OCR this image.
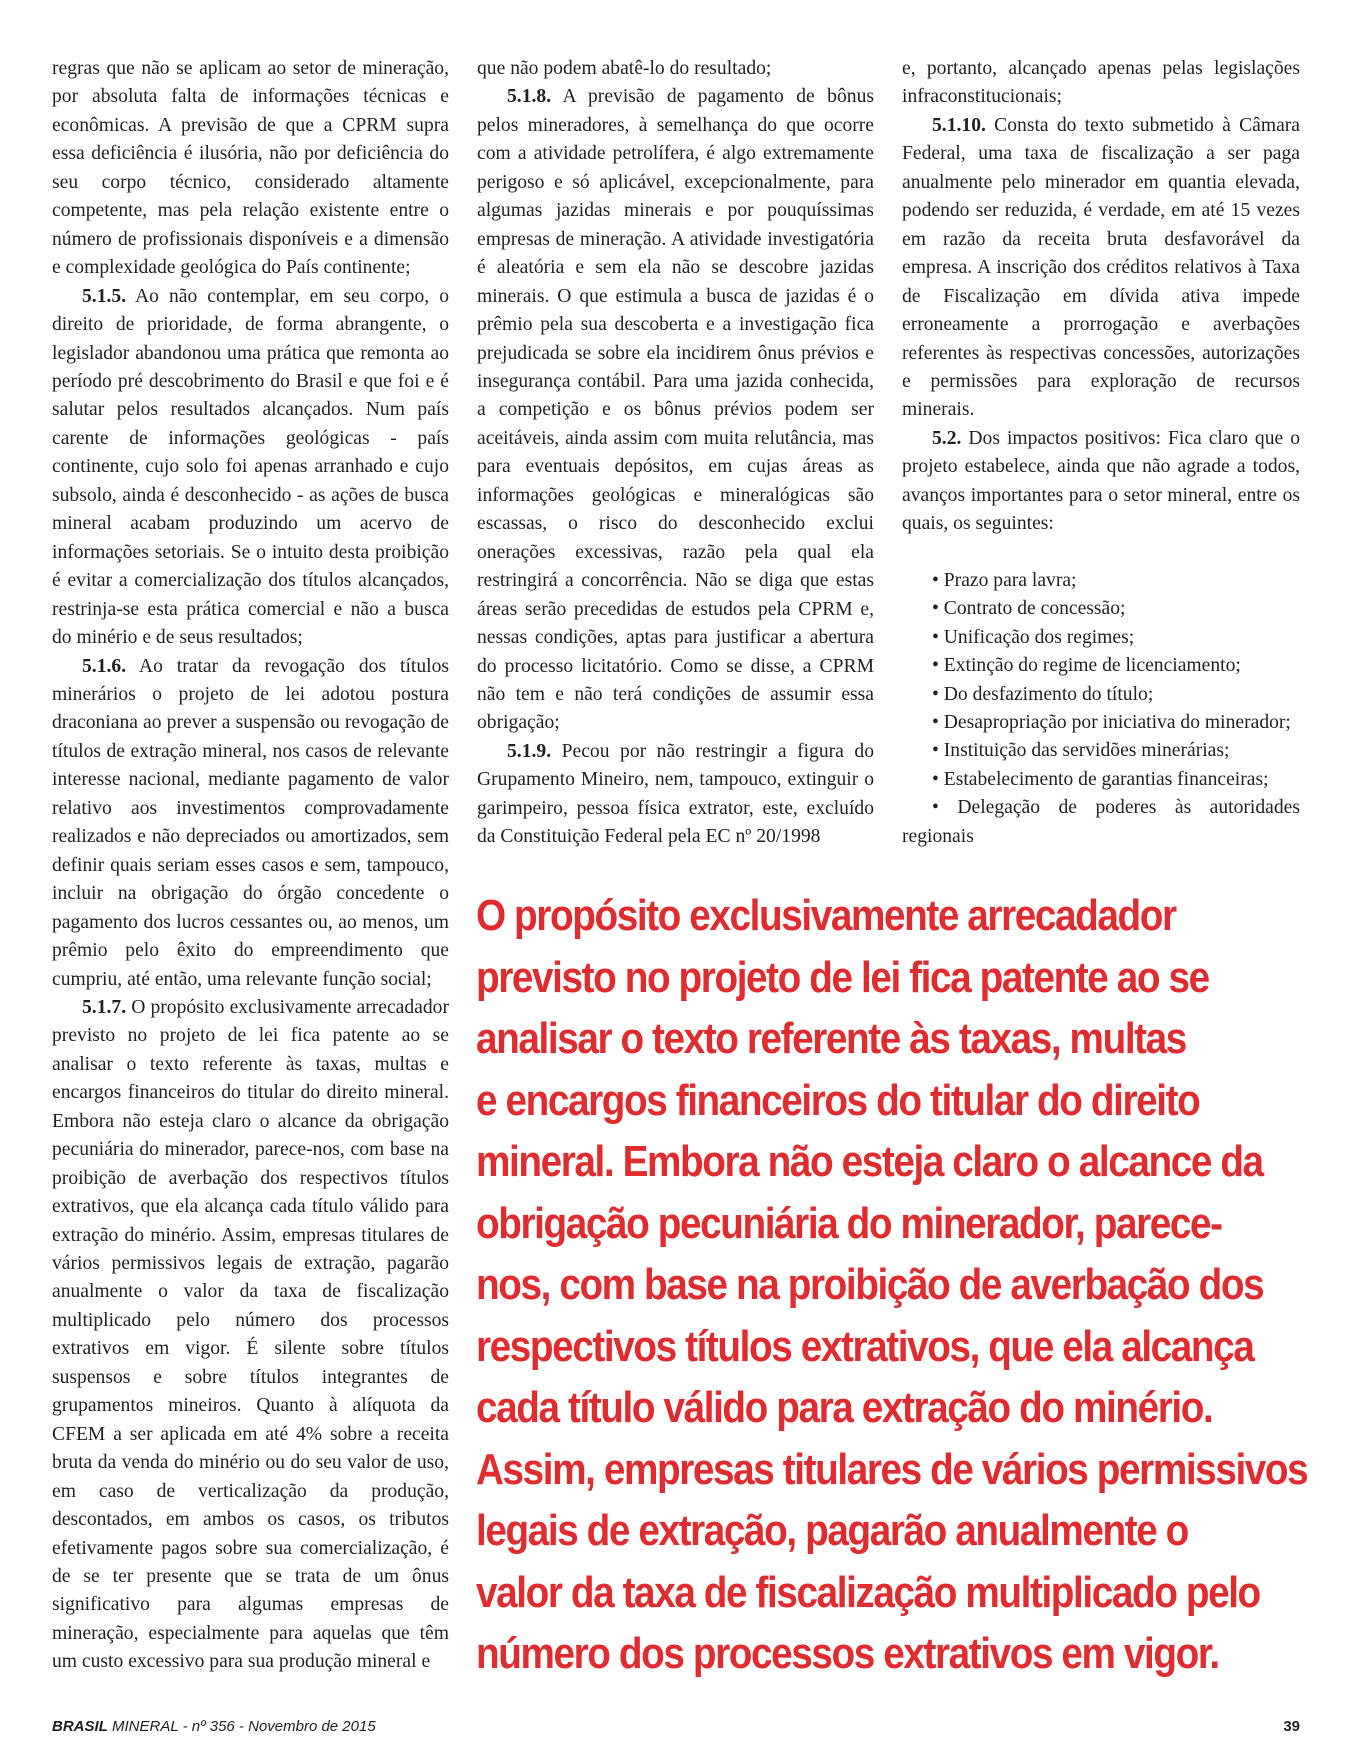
regras que não se aplicam ao setor de mineração, por absoluta falta de informações técnicas e econômicas. A previsão de que a CPRM supra essa deficiência é ilusória, não por deficiência do seu corpo técnico, considerado altamente competente, mas pela relação existente entre o número de profissionais disponíveis e a dimensão e complexidade geológica do País continente;

5.1.5. Ao não contemplar, em seu corpo, o direito de prioridade, de forma abrangente, o legislador abandonou uma prática que remonta ao período pré descobrimento do Brasil e que foi e é salutar pelos resultados alcançados. Num país carente de informações geológicas - país continente, cujo solo foi apenas arranhado e cujo subsolo, ainda é desconhecido - as ações de busca mineral acabam produzindo um acervo de informações setoriais. Se o intuito desta proibição é evitar a comercialização dos títulos alcançados, restrinja-se esta prática comercial e não a busca do minério e de seus resultados;

5.1.6. Ao tratar da revogação dos títulos minerários o projeto de lei adotou postura draconiana ao prever a suspensão ou revogação de títulos de extração mineral, nos casos de relevante interesse nacional, mediante pagamento de valor relativo aos investimentos comprovadamente realizados e não depreciados ou amortizados, sem definir quais seriam esses casos e sem, tampouco, incluir na obrigação do órgão concedente o pagamento dos lucros cessantes ou, ao menos, um prêmio pelo êxito do empreendimento que cumpriu, até então, uma relevante função social;

5.1.7. O propósito exclusivamente arrecadador previsto no projeto de lei fica patente ao se analisar o texto referente às taxas, multas e encargos financeiros do titular do direito mineral. Embora não esteja claro o alcance da obrigação pecuniária do minerador, parece-nos, com base na proibição de averbação dos respectivos títulos extrativos, que ela alcança cada título válido para extração do minério. Assim, empresas titulares de vários permissivos legais de extração, pagarão anualmente o valor da taxa de fiscalização multiplicado pelo número dos processos extrativos em vigor. É silente sobre títulos suspensos e sobre títulos integrantes de grupamentos mineiros. Quanto à alíquota da CFEM a ser aplicada em até 4% sobre a receita bruta da venda do minério ou do seu valor de uso, em caso de verticalização da produção, descontados, em ambos os casos, os tributos efetivamente pagos sobre sua comercialização, é de se ter presente que se trata de um ônus significativo para algumas empresas de mineração, especialmente para aquelas que têm um custo excessivo para sua produção mineral e

que não podem abatê-lo do resultado;

5.1.8. A previsão de pagamento de bônus pelos mineradores, à semelhança do que ocorre com a atividade petrolífera, é algo extremamente perigoso e só aplicável, excepcionalmente, para algumas jazidas minerais e por pouquíssimas empresas de mineração. A atividade investigatória é aleatória e sem ela não se descobre jazidas minerais. O que estimula a busca de jazidas é o prêmio pela sua descoberta e a investigação fica prejudicada se sobre ela incidirem ônus prévios e insegurança contábil. Para uma jazida conhecida, a competição e os bônus prévios podem ser aceitáveis, ainda assim com muita relutância, mas para eventuais depósitos, em cujas áreas as informações geológicas e mineralógicas são escassas, o risco do desconhecido exclui onerações excessivas, razão pela qual ela restringirá a concorrência. Não se diga que estas áreas serão precedidas de estudos pela CPRM e, nessas condições, aptas para justificar a abertura do processo licitatório. Como se disse, a CPRM não tem e não terá condições de assumir essa obrigação;

5.1.9. Pecou por não restringir a figura do Grupamento Mineiro, nem, tampouco, extinguir o garimpeiro, pessoa física extrator, este, excluído da Constituição Federal pela EC nº 20/1998

e, portanto, alcançado apenas pelas legislações infraconstitucionais;

5.1.10. Consta do texto submetido à Câmara Federal, uma taxa de fiscalização a ser paga anualmente pelo minerador em quantia elevada, podendo ser reduzida, é verdade, em até 15 vezes em razão da receita bruta desfavorável da empresa. A inscrição dos créditos relativos à Taxa de Fiscalização em dívida ativa impede erroneamente a prorrogação e averbações referentes às respectivas concessões, autorizações e permissões para exploração de recursos minerais.

5.2. Dos impactos positivos: Fica claro que o projeto estabelece, ainda que não agrade a todos, avanços importantes para o setor mineral, entre os quais, os seguintes:

• Prazo para lavra;
• Contrato de concessão;
• Unificação dos regimes;
• Extinção do regime de licenciamento;
• Do desfazimento do título;
• Desapropriação por iniciativa do minerador;
• Instituição das servidões minerárias;
• Estabelecimento de garantias financeiras;
• Delegação de poderes às autoridades regionais
O propósito exclusivamente arrecadador
previsto no projeto de lei fica patente ao se
analisar o texto referente às taxas, multas
e encargos financeiros do titular do direito
mineral. Embora não esteja claro o alcance da
obrigação pecuniária do minerador, parece-
nos, com base na proibição de averbação dos
respectivos títulos extrativos, que ela alcança
cada título válido para extração do minério.
Assim, empresas titulares de vários permissivos
legais de extração, pagarão anualmente o
valor da taxa de fiscalização multiplicado pelo
número dos processos extrativos em vigor.
BRASIL MINERAL - nº 356 - Novembro de 2015	39
